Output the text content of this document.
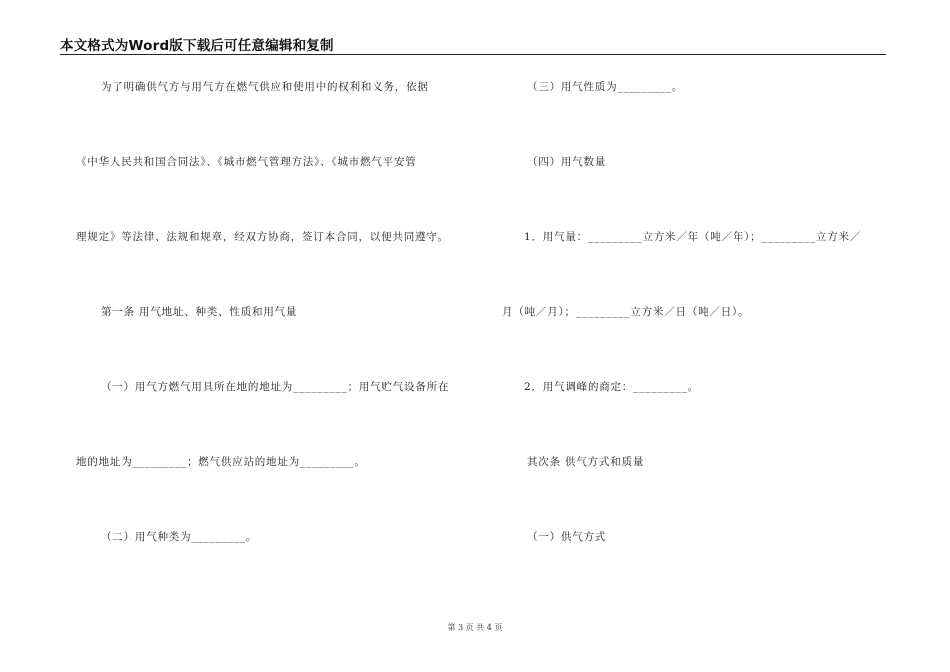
本文格式为Word版下载后可任意编辑和复制
为了明确供气方与用气方在燃气供应和使用中的权利和义务，依据
《中华人民共和国合同法》、《城市燃气管理方法》、《城市燃气平安管
理规定》等法律、法规和规章，经双方协商，签订本合同，以便共同遵守。
第一条 用气地址、种类、性质和用气量
（一）用气方燃气用具所在地的地址为_________；用气贮气设备所在
地的地址为_________；燃气供应站的地址为_________。
（二）用气种类为_________。
（三）用气性质为_________。
（四）用气数量
1．用气量：_________立方米／年（吨／年）；_________立方米／
月（吨／月）；_________立方米／日（吨／日）。
2．用气调峰的商定：_________。
其次条 供气方式和质量
（一）供气方式
第 3 页 共 4 页
